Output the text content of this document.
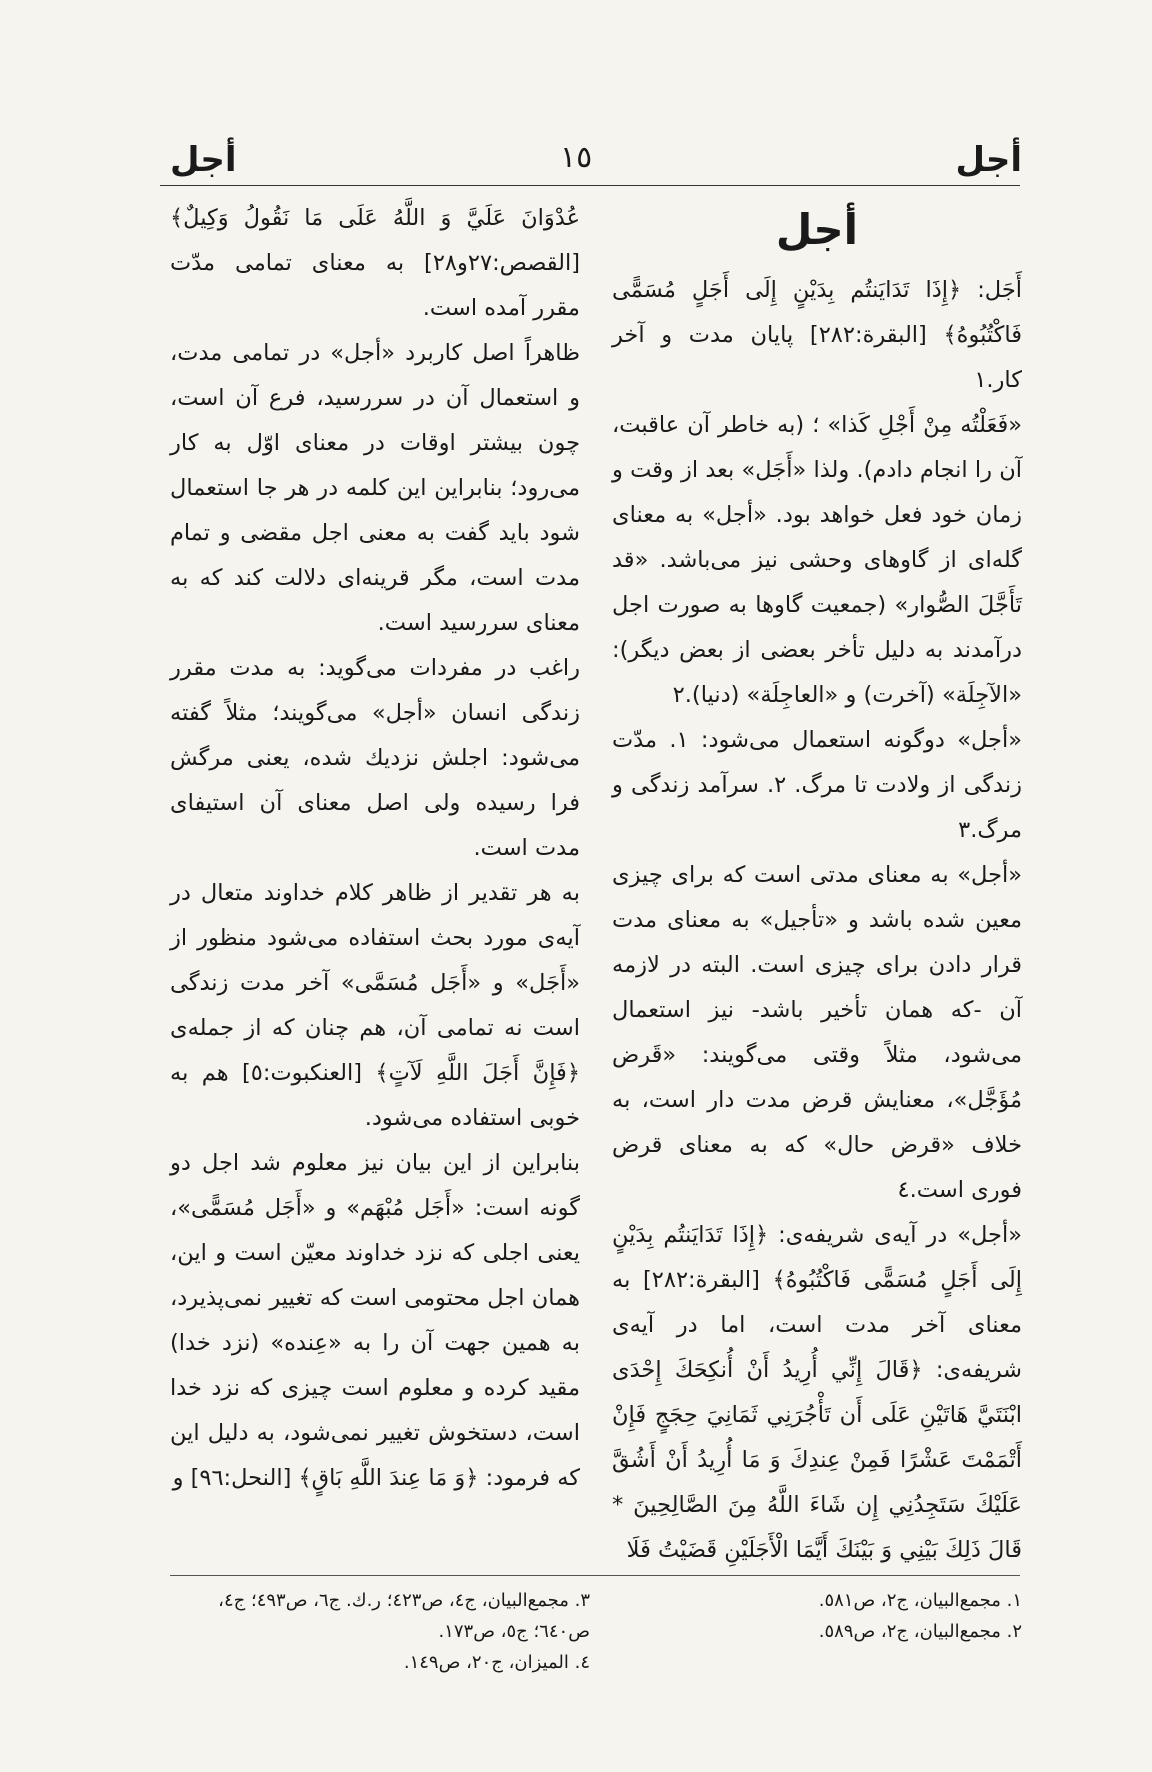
أجل
١٥
أجل
أجل

أَجَل: ﴿إِذَا تَدَايَنتُم بِدَيْنٍ إِلَى أَجَلٍ مُسَمًّى فَاكْتُبُوهُ﴾ [البقرة:٢٨٢] پايان مدت و آخر كار.١

«فَعَلْتُه مِنْ أَجْلِ كَذا» ؛ (به خاطر آن عاقبت، آن را انجام دادم). ولذا «أَجَل» بعد از وقت و زمان خود فعل خواهد بود. «أجل» به معناى گله‌اى از گاوهاى وحشى نيز مى‌باشد. «قد تَأَجَّلَ الصُّوار» (جمعيت گاوها به صورت اجل درآمدند به دليل تأخر بعضى از بعض ديگر): «الآجِلَة» (آخرت) و «العاجِلَة» (دنيا).٢

«أجل» دوگونه استعمال مى‌شود: ١. مدّت زندگى از ولادت تا مرگ. ٢. سرآمد زندگى و مرگ.٣

«أجل» به معناى مدتى است كه براى چيزى معين شده باشد و «تأجيل» به معناى مدت قرار دادن براى چيزى است. البته در لازمه آن -كه همان تأخير باشد- نيز استعمال مى‌شود، مثلاً وقتى مى‌گويند: «قَرض مُؤَجَّل»، معنايش قرض مدت دار است، به خلاف «قرض حال» كه به معناى قرض فورى است.٤

«أجل» در آيه‌ى شريفه‌ى: ﴿إِذَا تَدَايَنتُم بِدَيْنٍ إِلَى أَجَلٍ مُسَمًّى فَاكْتُبُوهُ﴾ [البقرة:٢٨٢] به معناى آخر مدت است، اما در آيه‌ى شريفه‌ى: ﴿قَالَ إِنِّي أُرِيدُ أَنْ أُنكِحَكَ إِحْدَى ابْنَتَيَّ هَاتَيْنِ عَلَى أَن تَأْجُرَنِي ثَمَانِيَ حِجَجٍ فَإِنْ أَتْمَمْتَ عَشْرًا فَمِنْ عِندِكَ وَ مَا أُرِيدُ أَنْ أَشُقَّ عَلَيْكَ سَتَجِدُنِي إِن شَاءَ اللَّهُ مِنَ الصَّالِحِينَ * قَالَ ذَلِكَ بَيْنِي وَ بَيْنَكَ أَيَّمَا الْأَجَلَيْنِ قَضَيْتُ فَلَا

عُدْوَانَ عَلَيَّ وَ اللَّهُ عَلَى مَا نَقُولُ وَكِيلٌ﴾ [القصص:٢٧و٢٨] به معناى تمامى مدّت مقرر آمده است.

ظاهراً اصل كاربرد «أجل» در تمامى مدت، و استعمال آن در سررسيد، فرع آن است، چون بيشتر اوقات در معناى اوّل به كار مى‌رود؛ بنابراين اين كلمه در هر جا استعمال شود بايد گفت به معنى اجل مقضى و تمام مدت است، مگر قرينه‌اى دلالت كند كه به معناى سررسيد است.

راغب در مفردات مى‌گويد: به مدت مقرر زندگى انسان «أجل» مى‌گويند؛ مثلاً گفته مى‌شود: اجلش نزديك شده، يعنى مرگش فرا رسيده ولى اصل معناى آن استيفاى مدت است.

به هر تقدير از ظاهر كلام خداوند متعال در آيه‌ى مورد بحث استفاده مى‌شود منظور از «أَجَل» و «أَجَل مُسَمَّى» آخر مدت زندگى است نه تمامى آن، هم چنان كه از جمله‌ى ﴿فَإِنَّ أَجَلَ اللَّهِ لَآتٍ﴾ [العنكبوت:٥] هم به خوبى استفاده مى‌شود.

بنابراين از اين بيان نيز معلوم شد اجل دو گونه است: «أَجَل مُبْهَم» و «أَجَل مُسَمًّى»، يعنى اجلى كه نزد خداوند معيّن است و اين، همان اجل محتومى است كه تغيير نمى‌پذيرد، به همين جهت آن را به «عِنده» (نزد خدا) مقيد كرده و معلوم است چيزى كه نزد خدا است، دستخوش تغيير نمى‌شود، به دليل اين كه فرمود: ﴿وَ مَا عِندَ اللَّهِ بَاقٍ﴾ [النحل:٩٦] و

١. مجمع‌البيان، ج٢، ص٥٨١.

٢. مجمع‌البيان، ج٢، ص٥٨٩.

٣. مجمع‌البيان، ج٤، ص٤٢٣؛ ر.ك. ج٦، ص٤٩٣؛ ج٤، ص٦٤٠؛ ج٥، ص١٧٣.

٤. الميزان، ج٢٠، ص١٤٩.
